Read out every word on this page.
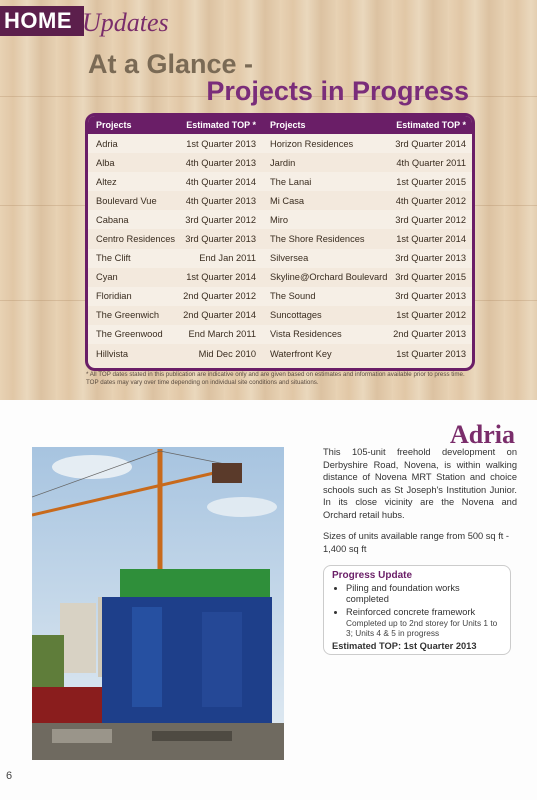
HOME Updates
At a Glance -
Projects in Progress
Projects	Estimated TOP *	Projects	Estimated TOP *
Adria	1st Quarter 2013	Horizon Residences	3rd Quarter 2014
Alba	4th Quarter 2013	Jardin	4th Quarter 2011
Altez	4th Quarter 2014	The Lanai	1st Quarter 2015
Boulevard Vue	4th Quarter 2013	Mi Casa	4th Quarter 2012
Cabana	3rd Quarter 2012	Miro	3rd Quarter 2012
Centro Residences	3rd Quarter 2013	The Shore Residences	1st Quarter 2014
The Clift	End Jan 2011	Silversea	3rd Quarter 2013
Cyan	1st Quarter 2014	Skyline@Orchard Boulevard 3rd Quarter 2015
Floridian	2nd Quarter 2012	The Sound	3rd Quarter 2013
The Greenwich	2nd Quarter 2014	Suncottages	1st Quarter 2012
The Greenwood	End March 2011	Vista Residences	2nd Quarter 2013
Hillvista	Mid Dec 2010	Waterfront Key	1st Quarter 2013
* All TOP dates stated in this publication are indicative only and are given based on estimates and information available prior to press time. TOP dates may vary over time depending on individual site conditions and situations.
Adria
This 105-unit freehold development on Derbyshire Road, Novena, is within walking distance of Novena MRT Station and choice schools such as St Joseph's Institution Junior. In its close vicinity are the Novena and Orchard retail hubs.
Sizes of units available range from 500 sq ft - 1,400 sq ft
Progress Update
• Piling and foundation works completed
• Reinforced concrete framework
Completed up to 2nd storey for Units 1 to 3; Units 4 & 5 in progress
Estimated TOP: 1st Quarter 2013
6
